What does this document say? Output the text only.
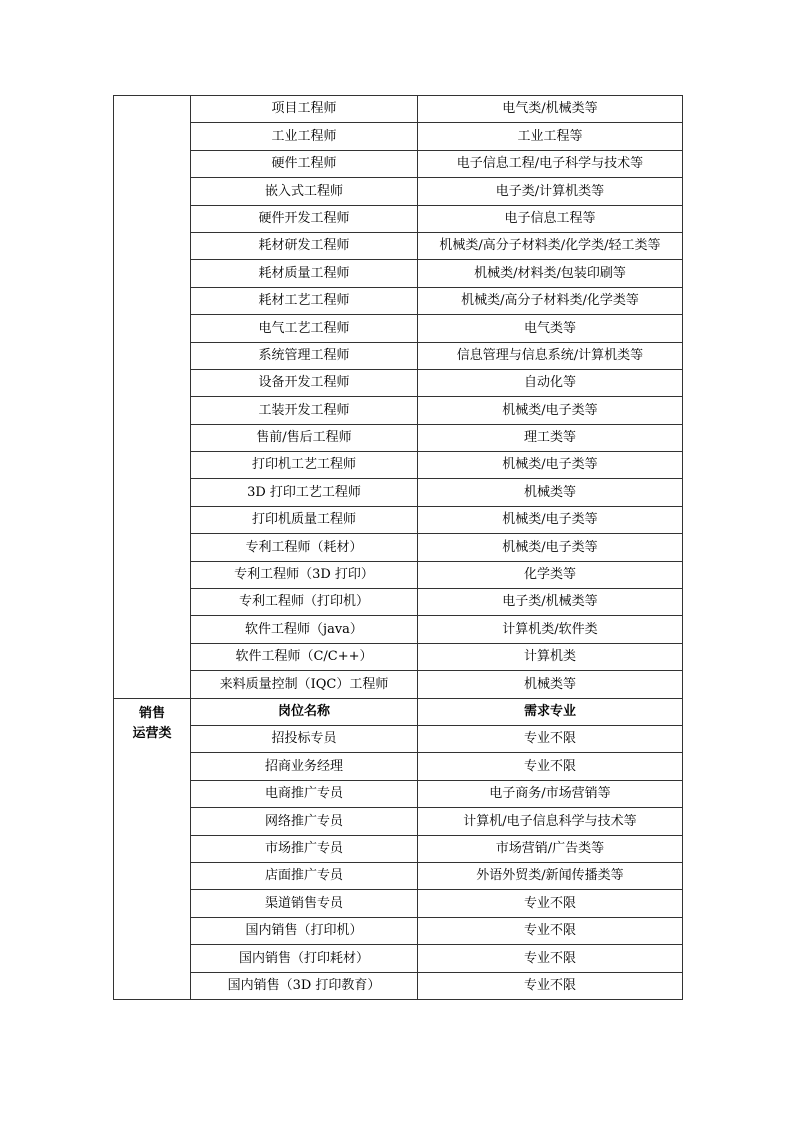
	项目工程师	电气类/机械类等
	工业工程师	工业工程等
	硬件工程师	电子信息工程/电子科学与技术等
	嵌入式工程师	电子类/计算机类等
	硬件开发工程师	电子信息工程等
	耗材研发工程师	机械类/高分子材料类/化学类/轻工类等
	耗材质量工程师	机械类/材料类/包装印刷等
	耗材工艺工程师	机械类/高分子材料类/化学类等
	电气工艺工程师	电气类等
	系统管理工程师	信息管理与信息系统/计算机类等
	设备开发工程师	自动化等
	工装开发工程师	机械类/电子类等
	售前/售后工程师	理工类等
	打印机工艺工程师	机械类/电子类等
	3D 打印工艺工程师	机械类等
	打印机质量工程师	机械类/电子类等
	专利工程师（耗材）	机械类/电子类等
	专利工程师（3D 打印）	化学类等
	专利工程师（打印机）	电子类/机械类等
	软件工程师（java）	计算机类/软件类
	软件工程师（C/C++）	计算机类
	来料质量控制（IQC）工程师	机械类等

销售
运营类	岗位名称	需求专业
	招投标专员	专业不限
	招商业务经理	专业不限
	电商推广专员	电子商务/市场营销等
	网络推广专员	计算机/电子信息科学与技术等
	市场推广专员	市场营销/广告类等
	店面推广专员	外语外贸类/新闻传播类等
	渠道销售专员	专业不限
	国内销售（打印机）	专业不限
	国内销售（打印耗材）	专业不限
	国内销售（3D 打印教育）	专业不限
